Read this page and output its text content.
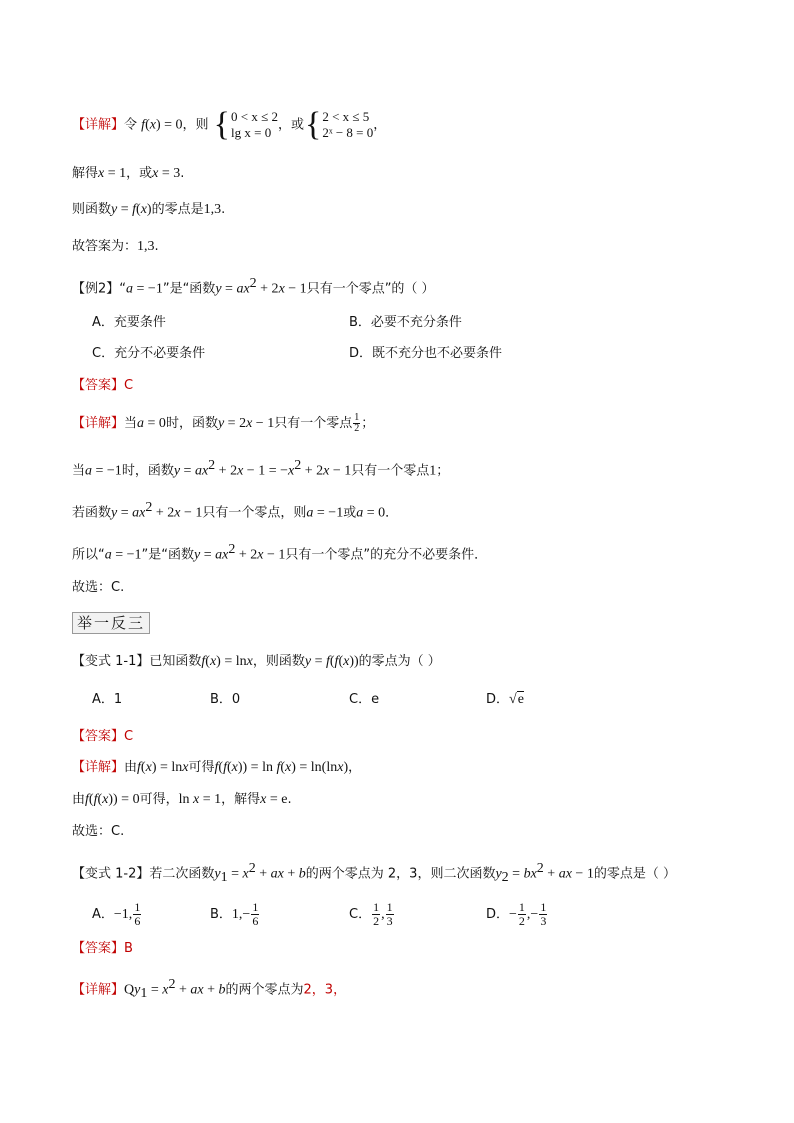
【详解】令 f(x) = 0，则 { 0 < x ≤ 2
lg x = 0 ，或{ 2 < x ≤ 5
2ˣ − 8 = 0 ，
解得x = 1，或x = 3.
则函数y = f(x)的零点是1,3.
故答案为：1,3.
【例2】“a = −1”是“函数$y = ax^2 + 2x - 1$只有一个零点”的（ ）
A．充要条件	B．必要不充分条件
C．充分不必要条件	D．既不充分也不必要条件
【答案】C
【详解】当a = 0时，函数y = 2x − 1只有一个零点 $\frac{1}{2}$ ；
当a = −1时，函数$y = ax^2 + 2x - 1 = -x^2 + 2x - 1$只有一个零点1；
若函数$y = ax^2 + 2x - 1$只有一个零点，则a = −1或a = 0．
所以“a = −1”是“函数$y = ax^2 + 2x - 1$只有一个零点”的充分不必要条件．
故选：C.
举一反三
【变式 1-1】已知函数f(x) = lnx，则函数y = f(f(x))的零点为（ ）
A．1	B．0	C．e	D．√e
【答案】C
【详解】由f(x) = lnx可得f(f(x)) = ln f(x) = ln(lnx)，
由f(f(x)) = 0可得，ln x = 1，解得x = e.
故选：C.
【变式 1-2】若二次函数$y_1 = x^2$ + ax + b的两个零点为 2，3，则二次函数$y_2 = bx^2$ + ax − 1的零点是（ ）
A．−1, $\frac{1}{6}$	B．$1,- \frac{1}{6}$	C． $\frac{1}{2}$ , $\frac{1}{3}$	D．− $\frac{1}{2}$ ,− $\frac{1}{3}$
【答案】B
【详解】$Qy_1 = x^2$ + ax + b的两个零点为2，3，
